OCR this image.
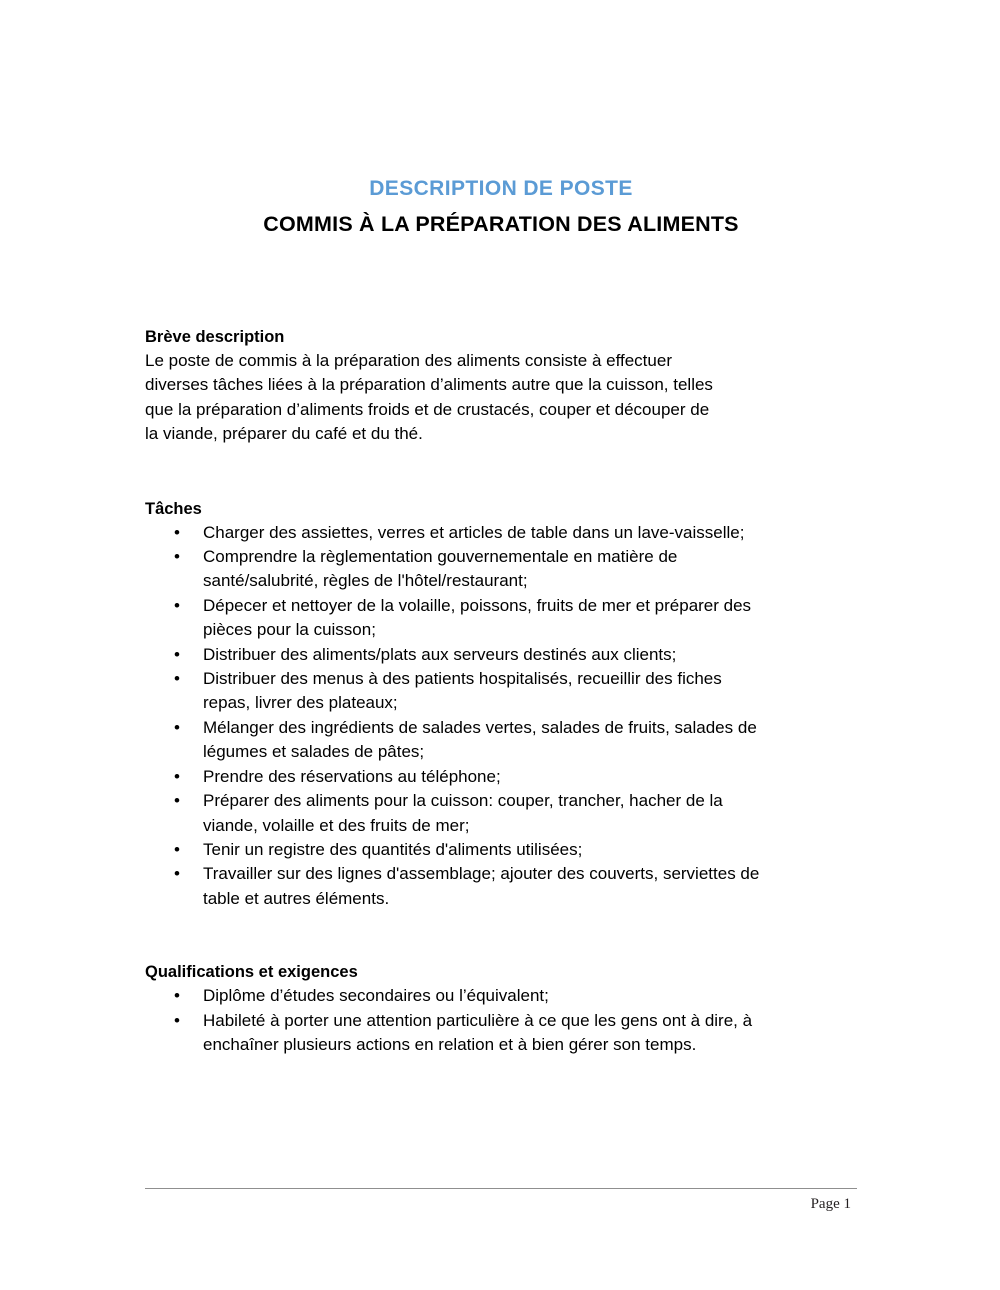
DESCRIPTION DE POSTE
COMMIS À LA PRÉPARATION DES ALIMENTS

Brève description

Le poste de commis à la préparation des aliments consiste à effectuer diverses tâches liées à la préparation d’aliments autre que la cuisson, telles que la préparation d’aliments froids et de crustacés, couper et découper de la viande, préparer du café et du thé.

Tâches

• Charger des assiettes, verres et articles de table dans un lave-vaisselle;
• Comprendre la règlementation gouvernementale en matière de santé/salubrité, règles de l'hôtel/restaurant;
• Dépecer et nettoyer de la volaille, poissons, fruits de mer et préparer des pièces pour la cuisson;
• Distribuer des aliments/plats aux serveurs destinés aux clients;
• Distribuer des menus à des patients hospitalisés, recueillir des fiches repas, livrer des plateaux;
• Mélanger des ingrédients de salades vertes, salades de fruits, salades de légumes et salades de pâtes;
• Prendre des réservations au téléphone;
• Préparer des aliments pour la cuisson: couper, trancher, hacher de la viande, volaille et des fruits de mer;
• Tenir un registre des quantités d'aliments utilisées;
• Travailler sur des lignes d'assemblage; ajouter des couverts, serviettes de table et autres éléments.

Qualifications et exigences

• Diplôme d’études secondaires ou l’équivalent;
• Habileté à porter une attention particulière à ce que les gens ont à dire, à enchaîner plusieurs actions en relation et à bien gérer son temps.
Page 1
